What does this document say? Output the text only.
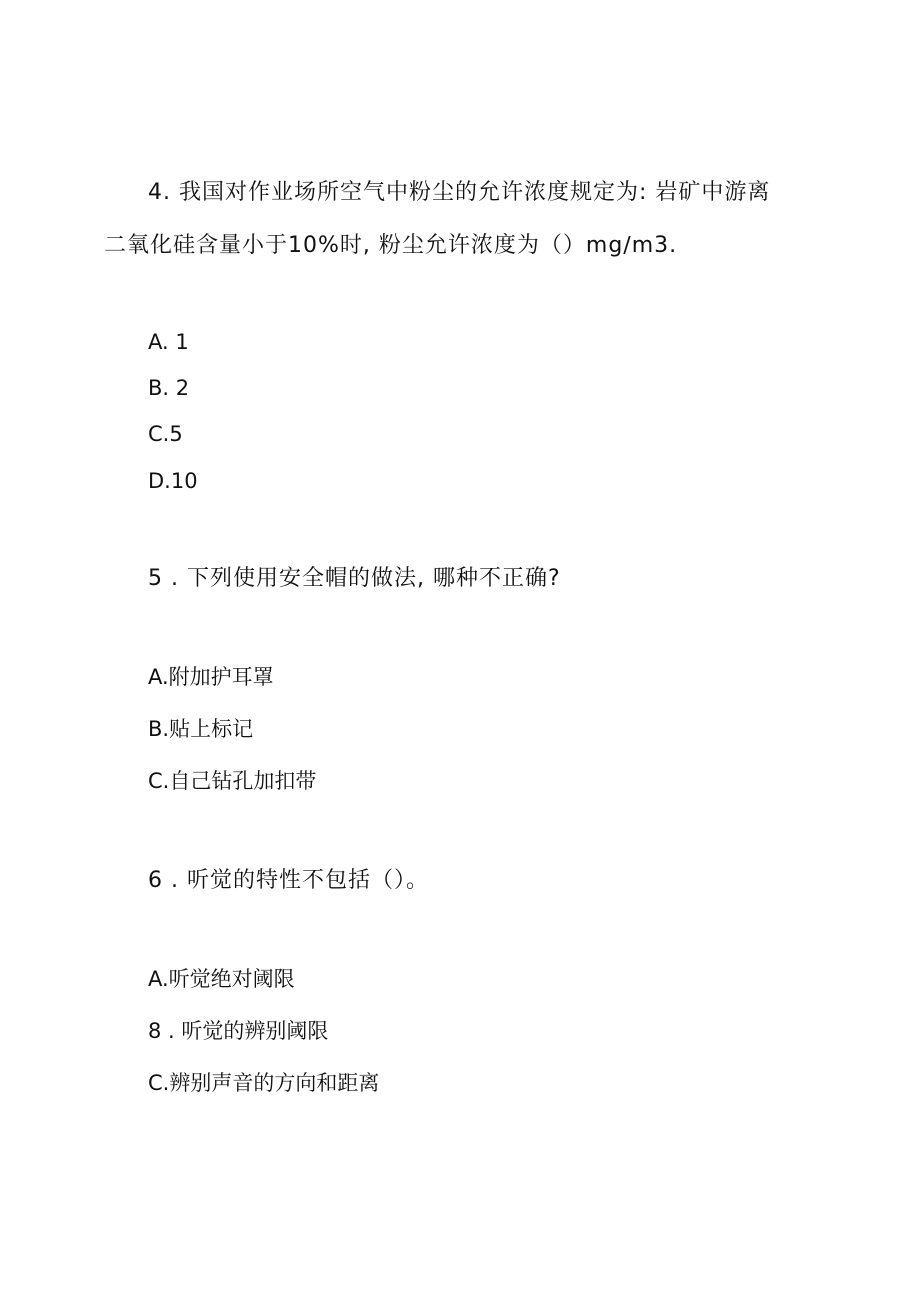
4. 我国对作业场所空气中粉尘的允许浓度规定为: 岩矿中游离
二氧化硅含量小于10%时, 粉尘允许浓度为（）mg∕m3.
A. 1
B. 2
C.5
D.10
5 . 下列使用安全帽的做法, 哪种不正确?
A.附加护耳罩
B.贴上标记
C.自己钻孔加扣带
6 . 听觉的特性不包括（）。
A.听觉绝对阈限
8 . 听觉的辨别阈限
C.辨别声音的方向和距离
